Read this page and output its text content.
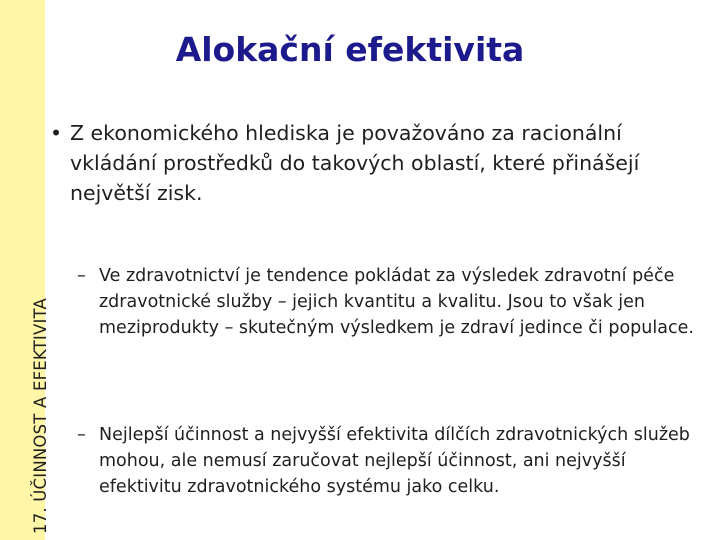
17. ÚČINNOST A EFEKTIVITA
Alokační efektivita
• Z ekonomického hlediska je považováno za racionální vkládání prostředků do takových oblastí, které přinášejí největší zisk.
– Ve zdravotnictví je tendence pokládat za výsledek zdravotní péče zdravotnické služby – jejich kvantitu a kvalitu. Jsou to však jen meziprodukty – skutečným výsledkem je zdraví jedince či populace.
– Nejlepší účinnost a nejvyšší efektivita dílčích zdravotnických služeb mohou, ale nemusí zaručovat nejlepší účinnost, ani nejvyšší efektivitu zdravotnického systému jako celku.
